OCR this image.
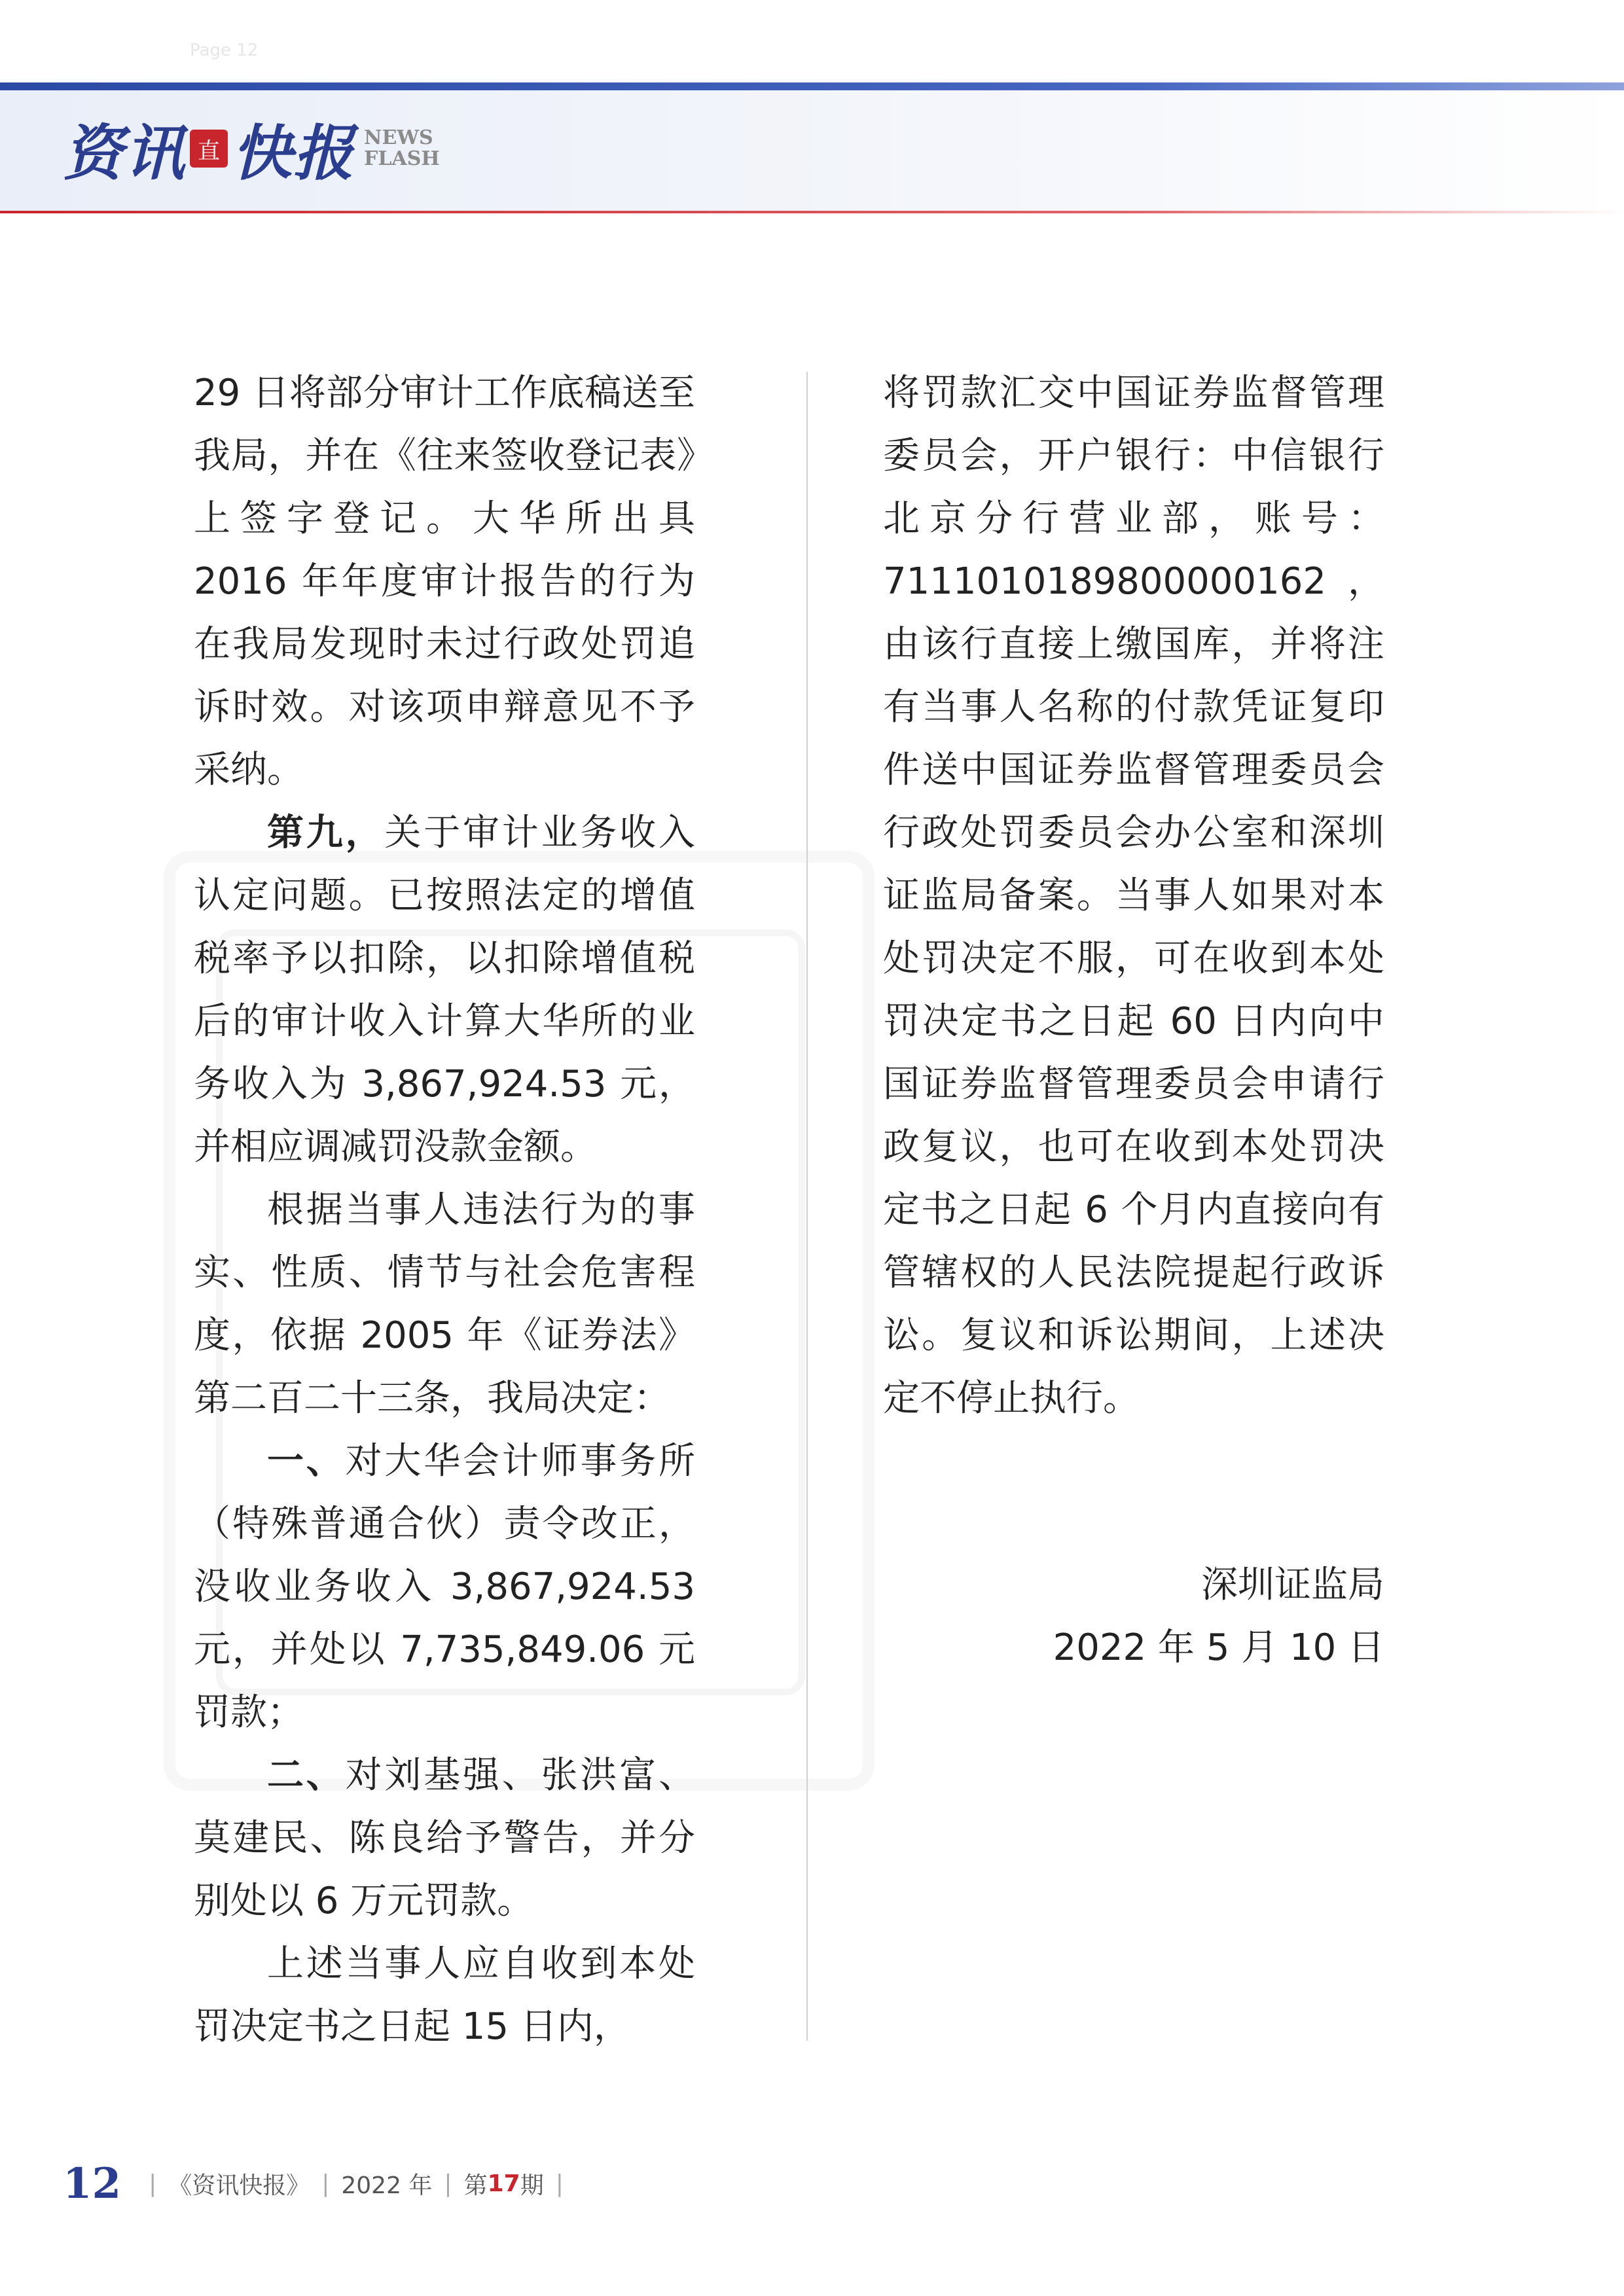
Page 12
资讯 直 快报 NEWS
FLASH

29 日将部分审计工作底稿送至我局，并在《往来签收登记表》上签字登记。大华所出具 2016 年年度审计报告的行为在我局发现时未过行政处罚追诉时效。对该项申辩意见不予采纳。

第九，关于审计业务收入认定问题。已按照法定的增值税率予以扣除，以扣除增值税后的审计收入计算大华所的业务收入为 3,867,924.53 元，并相应调减罚没款金额。

根据当事人违法行为的事实、性质、情节与社会危害程度，依据 2005 年《证券法》第二百二十三条，我局决定：

一、对大华会计师事务所（特殊普通合伙）责令改正，没收业务收入 3,867,924.53 元，并处以 7,735,849.06 元罚款；

二、对刘基强、张洪富、莫建民、陈良给予警告，并分别处以 6 万元罚款。

上述当事人应自收到本处罚决定书之日起 15 日内，

将罚款汇交中国证券监督管理委员会，开户银行：中信银行北京分行营业部，账号：7111010189800000162， 由该行直接上缴国库，并将注有当事人名称的付款凭证复印件送中国证券监督管理委员会行政处罚委员会办公室和深圳证监局备案。当事人如果对本处罚决定不服，可在收到本处罚决定书之日起 60 日内向中国证券监督管理委员会申请行政复议，也可在收到本处罚决定书之日起 6 个月内直接向有管辖权的人民法院提起行政诉讼。复议和诉讼期间，上述决定不停止执行。

深圳证监局

2022 年 5 月 10 日

12 | 《资讯快报》 | 2022 年 | 第 17 期 |
